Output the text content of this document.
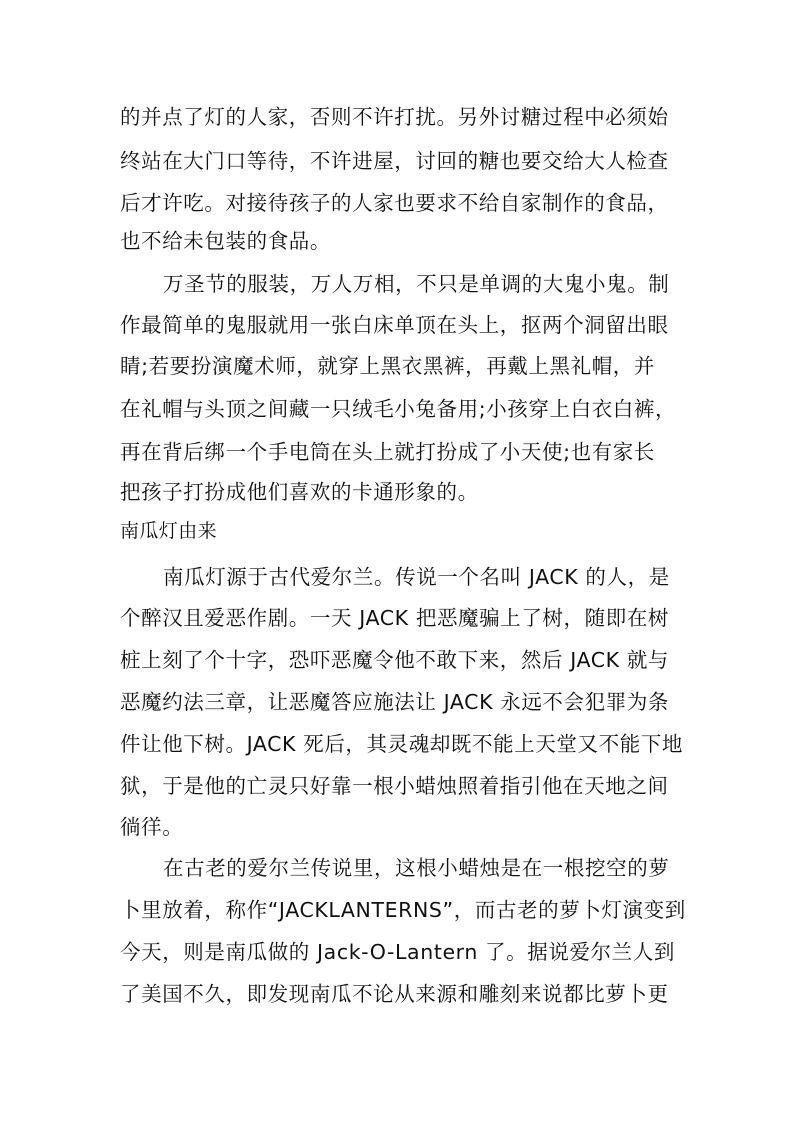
的并点了灯的人家，否则不许打扰。另外讨糖过程中必须始
终站在大门口等待，不许进屋，讨回的糖也要交给大人检查
后才许吃。对接待孩子的人家也要求不给自家制作的食品，
也不给未包装的食品。
万圣节的服装，万人万相，不只是单调的大鬼小鬼。制
作最简单的鬼服就用一张白床单顶在头上，抠两个洞留出眼
睛;若要扮演魔术师，就穿上黑衣黑裤，再戴上黑礼帽，并
在礼帽与头顶之间藏一只绒毛小兔备用;小孩穿上白衣白裤，
再在背后绑一个手电筒在头上就打扮成了小天使;也有家长
把孩子打扮成他们喜欢的卡通形象的。
南瓜灯由来
南瓜灯源于古代爱尔兰。传说一个名叫 JACK 的人，是
个醉汉且爱恶作剧。一天 JACK 把恶魔骗上了树，随即在树
桩上刻了个十字，恐吓恶魔令他不敢下来，然后 JACK 就与
恶魔约法三章，让恶魔答应施法让 JACK 永远不会犯罪为条
件让他下树。JACK 死后，其灵魂却既不能上天堂又不能下地
狱，于是他的亡灵只好靠一根小蜡烛照着指引他在天地之间
徜徉。
在古老的爱尔兰传说里，这根小蜡烛是在一根挖空的萝
卜里放着，称作“JACKLANTERNS”，而古老的萝卜灯演变到
今天，则是南瓜做的 Jack-O-Lantern 了。据说爱尔兰人到
了美国不久，即发现南瓜不论从来源和雕刻来说都比萝卜更
